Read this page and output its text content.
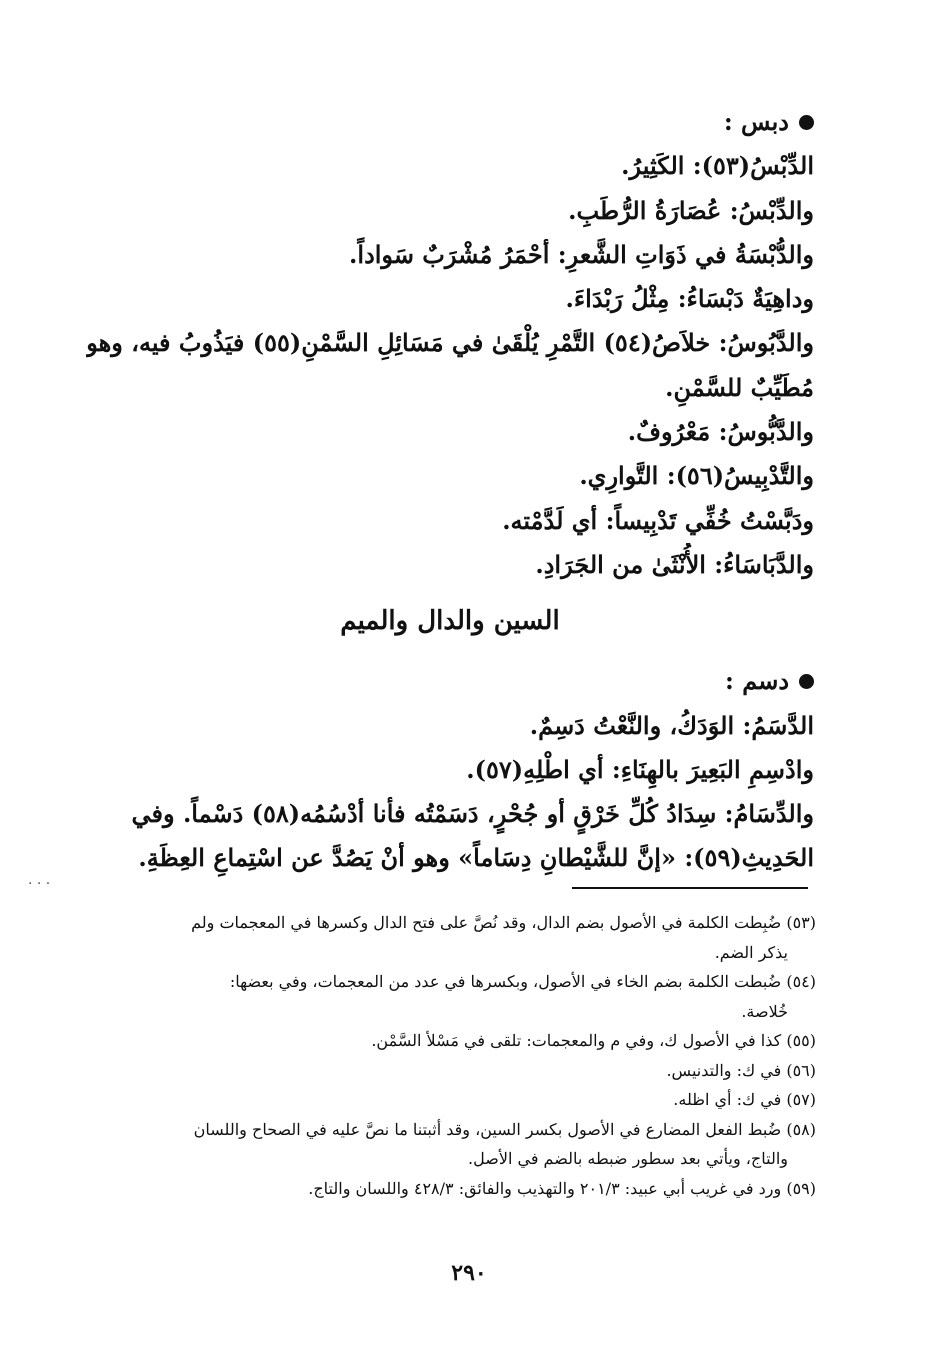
دبس :
الدِّبْسُ(٥٣): الكَثِيرُ.
والدِّبْسُ: عُصَارَةُ الرُّطَبِ.
والدُّبْسَةُ في ذَوَاتِ الشَّعرِ: أحْمَرُ مُشْرَبٌ سَواداً.
وداهِيَةٌ دَبْسَاءُ: مِثْلُ رَبْدَاءَ.
والدَّبُوسُ: خلاَصُ(٥٤) التَّمْرِ يُلْقَىٰ في مَسَائِلِ السَّمْنِ(٥٥) فيَذُوبُ فيه، وهو
مُطَيِّبٌ للسَّمْنِ.
والدَّبُّوسُ: مَعْرُوفٌ.
والتَّدْبِيسُ(٥٦): التَّوارِي.
ودَبَّسْتُ خُفِّي تَدْبِيساً: أي لَدَّمْته.
والدَّبَاسَاءُ: الأُنْثَىٰ من الجَرَادِ.
السين والدال والميم
دسم :
الدَّسَمُ: الوَدَكُ، والنَّعْتُ دَسِمٌ.
وادْسِمِ البَعِيرَ بالهِنَاءِ: أي اطْلِهِ(٥٧).
والدِّسَامُ: سِدَادُ كُلِّ خَرْقٍ أو جُحْرٍ، دَسَمْتُه فأنا أدْسُمُه(٥٨) دَسْماً. وفي
الحَدِيثِ(٥٩): «إنَّ للشَّيْطانِ دِسَاماً» وهو أنْ يَصُدَّ عن اسْتِماعِ العِظَةِ.
. . .
(٥٣) ضُبِطت الكلمة في الأصول بضم الدال، وقد نُصَّ على فتح الدال وكسرها في المعجمات ولم
يذكر الضم.
(٥٤) ضُبطت الكلمة بضم الخاء في الأصول، وبكسرها في عدد من المعجمات، وفي بعضها:
خُلاصة.
(٥٥) كذا في الأصول ك، وفي م والمعجمات: تلقى في مَسْلأ السَّمْن.
(٥٦) في ك: والتدنيس.
(٥٧) في ك: أي اظله.
(٥٨) ضُبط الفعل المضارع في الأصول بكسر السين، وقد أثبتنا ما نصَّ عليه في الصحاح واللسان
والتاج، ويأتي بعد سطور ضبطه بالضم في الأصل.
(٥٩) ورد في غريب أبي عبيد: ٢٠١/٣ والتهذيب والفائق: ٤٢٨/٣ واللسان والتاج.
٢٩٠
